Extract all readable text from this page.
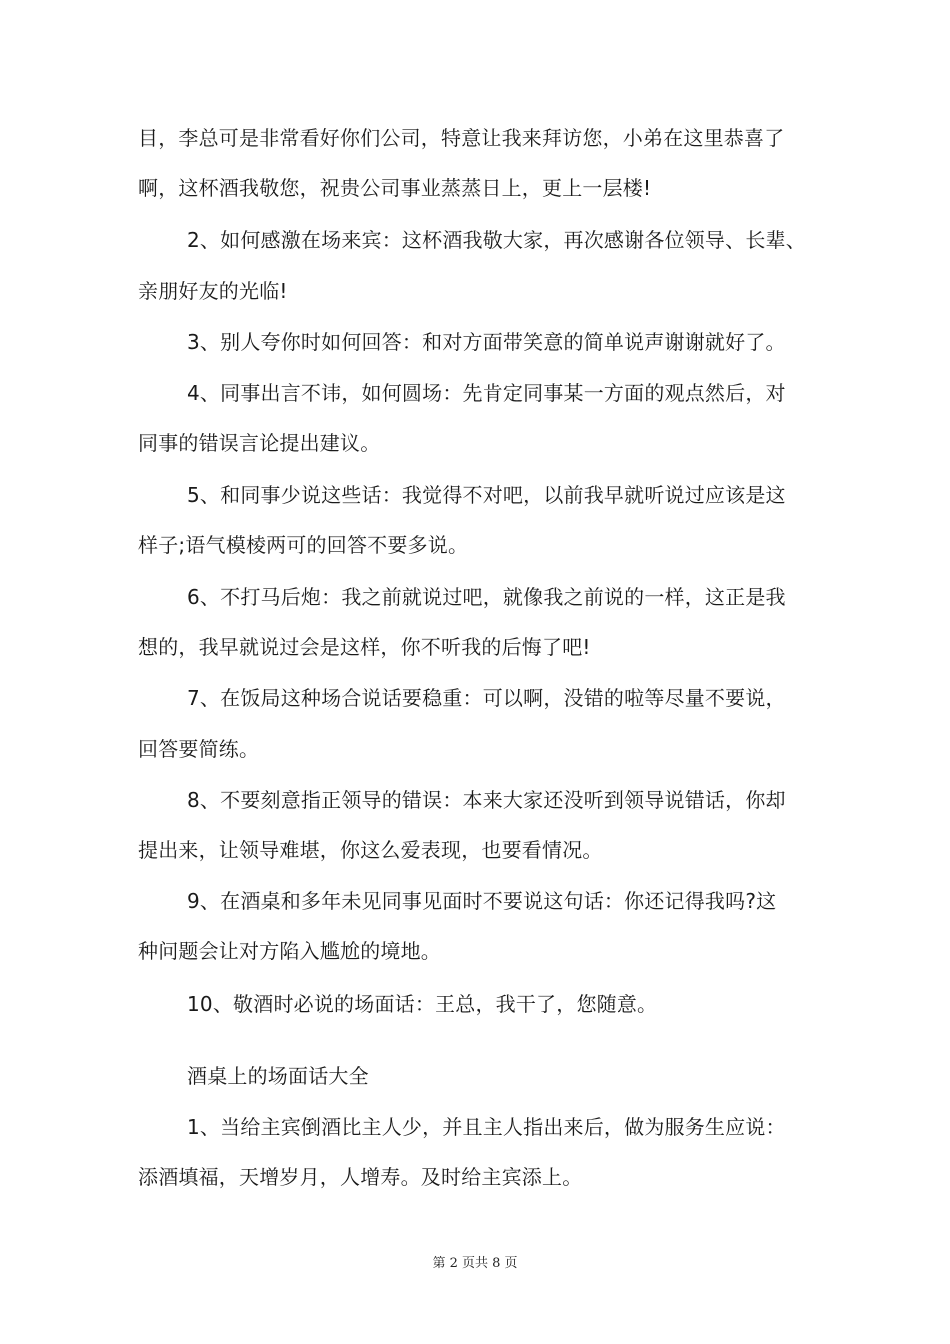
目，李总可是非常看好你们公司，特意让我来拜访您，小弟在这里恭喜了
啊，这杯酒我敬您，祝贵公司事业蒸蒸日上，更上一层楼!
2、如何感激在场来宾：这杯酒我敬大家，再次感谢各位领导、长辈、
亲朋好友的光临!
3、别人夸你时如何回答：和对方面带笑意的简单说声谢谢就好了。
4、同事出言不讳，如何圆场：先肯定同事某一方面的观点然后，对
同事的错误言论提出建议。
5、和同事少说这些话：我觉得不对吧，以前我早就听说过应该是这
样子;语气模棱两可的回答不要多说。
6、不打马后炮：我之前就说过吧，就像我之前说的一样，这正是我
想的，我早就说过会是这样，你不听我的后悔了吧!
7、在饭局这种场合说话要稳重：可以啊，没错的啦等尽量不要说，
回答要简练。
8、不要刻意指正领导的错误：本来大家还没听到领导说错话，你却
提出来，让领导难堪，你这么爱表现，也要看情况。
9、在酒桌和多年未见同事见面时不要说这句话：你还记得我吗?这
种问题会让对方陷入尴尬的境地。
10、敬酒时必说的场面话：王总，我干了，您随意。
酒桌上的场面话大全
1、当给主宾倒酒比主人少，并且主人指出来后，做为服务生应说：
添酒填福，天增岁月，人增寿。及时给主宾添上。
第 2 页共 8 页
